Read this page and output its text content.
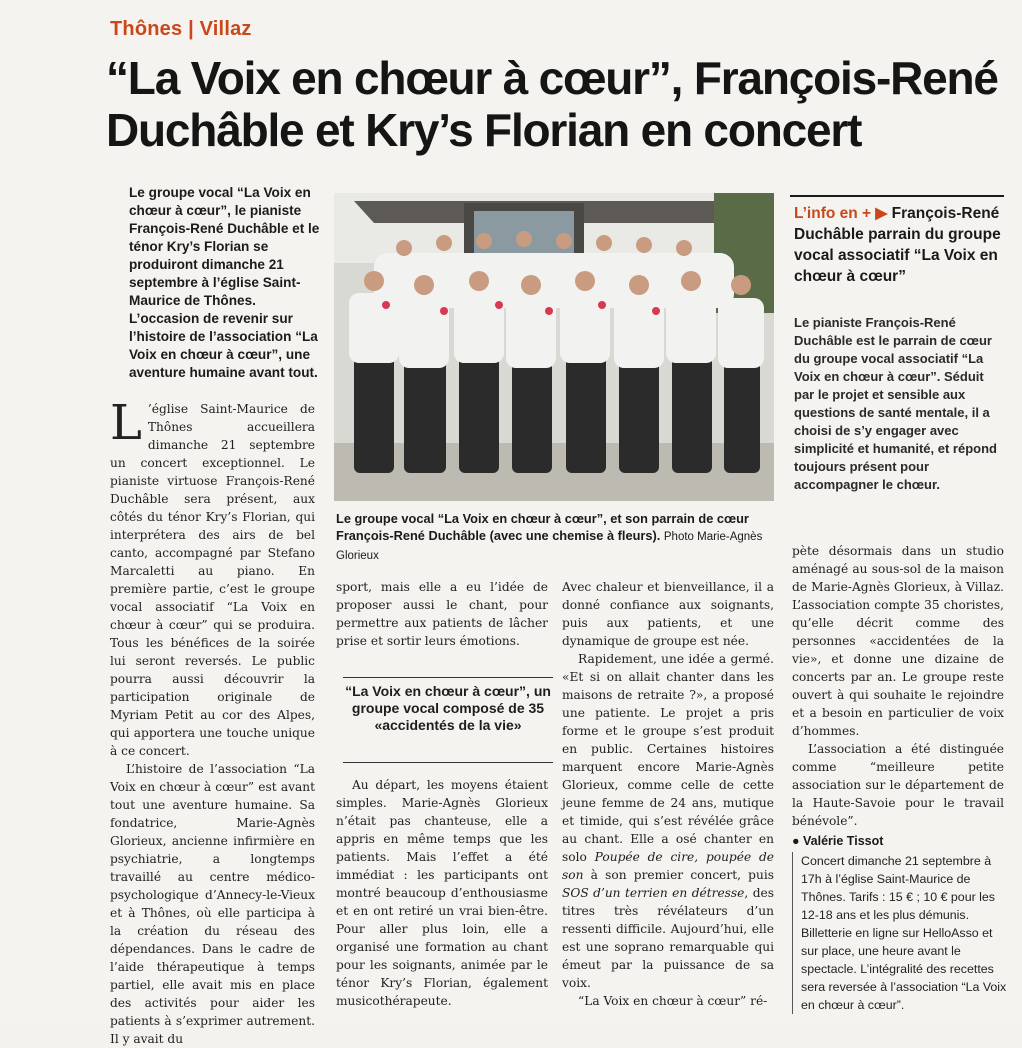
Thônes | Villaz
“La Voix en chœur à cœur”, François-René
Duchâble et Kry’s Florian en concert
Le groupe vocal “La Voix en chœur à cœur”, le pianiste François-René Duchâble et le ténor Kry’s Florian se produiront dimanche 21 septembre à l’église Saint-Maurice de Thônes. L’occasion de revenir sur l’histoire de l’association “La Voix en chœur à cœur”, une aventure humaine avant tout.

L ’église Saint-Maurice de Thônes accueillera dimanche 21 septembre un concert exceptionnel. Le pianiste virtuose François-René Duchâble sera présent, aux côtés du ténor Kry’s Florian, qui interprétera des airs de bel canto, accompagné par Stefano Marcaletti au piano. En première partie, c’est le groupe vocal associatif “La Voix en chœur à cœur” qui se produira. Tous les bénéfices de la soirée lui seront reversés. Le public pourra aussi découvrir la participation originale de Myriam Petit au cor des Alpes, qui apportera une touche unique à ce concert.

L’histoire de l’association “La Voix en chœur à cœur” est avant tout une aventure humaine. Sa fondatrice, Marie-Agnès Glorieux, ancienne infirmière en psychiatrie, a longtemps travaillé au centre médico-psychologique d’Annecy-le-Vieux et à Thônes, où elle participa à la création du réseau des dépendances. Dans le cadre de l’aide thérapeutique à temps partiel, elle avait mis en place des activités pour aider les patients à s’exprimer autrement. Il y avait du

Le groupe vocal “La Voix en chœur à cœur”, et son parrain de cœur François-René Duchâble (avec une chemise à fleurs). Photo Marie-Agnès Glorieux
L’info en + ▶ François-René Duchâble parrain du groupe vocal associatif “La Voix en chœur à cœur”
Le pianiste François-René Duchâble est le parrain de cœur du groupe vocal associatif “La Voix en chœur à cœur”. Séduit par le projet et sensible aux questions de santé mentale, il a choisi de s’y engager avec simplicité et humanité, et répond toujours présent pour accompagner le chœur.

sport, mais elle a eu l’idée de proposer aussi le chant, pour permettre aux patients de lâcher prise et sortir leurs émotions.

“La Voix en chœur à cœur”, un groupe vocal composé de 35 «accidentés de la vie»

Au départ, les moyens étaient simples. Marie-Agnès Glorieux n’était pas chanteuse, elle a appris en même temps que les patients. Mais l’effet a été immédiat : les participants ont montré beaucoup d’enthousiasme et en ont retiré un vrai bien-être. Pour aller plus loin, elle a organisé une formation au chant pour les soignants, animée par le ténor Kry’s Florian, également musicothérapeute.

Avec chaleur et bienveillance, il a donné confiance aux soignants, puis aux patients, et une dynamique de groupe est née.

Rapidement, une idée a germé. «Et si on allait chanter dans les maisons de retraite ?», a proposé une patiente. Le projet a pris forme et le groupe s’est produit en public. Certaines histoires marquent encore Marie-Agnès Glorieux, comme celle de cette jeune femme de 24 ans, mutique et timide, qui s’est révélée grâce au chant. Elle a osé chanter en solo Poupée de cire, poupée de son à son premier concert, puis SOS d’un terrien en détresse, des titres très révélateurs d’un ressenti difficile. Aujourd’hui, elle est une soprano remarquable qui émeut par la puissance de sa voix.

“La Voix en chœur à cœur” ré-

pète désormais dans un studio aménagé au sous-sol de la maison de Marie-Agnès Glorieux, à Villaz. L’association compte 35 choristes, qu’elle décrit comme des personnes «accidentées de la vie», et donne une dizaine de concerts par an. Le groupe reste ouvert à qui souhaite le rejoindre et a besoin en particulier de voix d’hommes.

L’association a été distinguée comme “meilleure petite association sur le département de la Haute-Savoie pour le travail bénévole”.

● Valérie Tissot
Concert dimanche 21 septembre à 17h à l’église Saint-Maurice de Thônes. Tarifs : 15 € ; 10 € pour les 12-18 ans et les plus démunis. Billetterie en ligne sur HelloAsso et sur place, une heure avant le spectacle. L’intégralité des recettes sera reversée à l’association “La Voix en chœur à cœur”.
